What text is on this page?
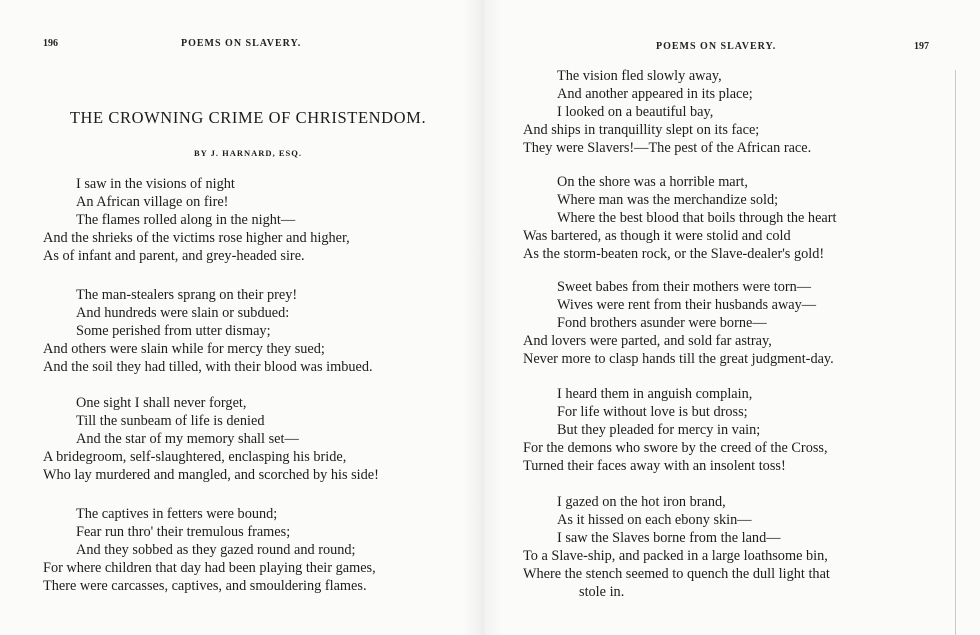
196	POEMS ON SLAVERY.
THE CROWNING CRIME OF CHRISTENDOM.
BY J. HARNARD, ESQ.
I saw in the visions of night
An African village on fire!
The flames rolled along in the night—
And the shrieks of the victims rose higher and higher,
As of infant and parent, and grey-headed sire.
The man-stealers sprang on their prey!
And hundreds were slain or subdued:
Some perished from utter dismay;
And others were slain while for mercy they sued;
And the soil they had tilled, with their blood was imbued.
One sight I shall never forget,
Till the sunbeam of life is denied
And the star of my memory shall set—
A bridegroom, self-slaughtered, enclasping his bride,
Who lay murdered and mangled, and scorched by his side!
The captives in fetters were bound;
Fear run thro' their tremulous frames;
And they sobbed as they gazed round and round;
For where children that day had been playing their games,
There were carcasses, captives, and smouldering flames.
POEMS ON SLAVERY.	197
The vision fled slowly away,
And another appeared in its place;
I looked on a beautiful bay,
And ships in tranquillity slept on its face;
They were Slavers!—The pest of the African race.
On the shore was a horrible mart,
Where man was the merchandize sold;
Where the best blood that boils through the heart
Was bartered, as though it were stolid and cold
As the storm-beaten rock, or the Slave-dealer's gold!
Sweet babes from their mothers were torn—
Wives were rent from their husbands away—
Fond brothers asunder were borne—
And lovers were parted, and sold far astray,
Never more to clasp hands till the great judgment-day.
I heard them in anguish complain,
For life without love is but dross;
But they pleaded for mercy in vain;
For the demons who swore by the creed of the Cross,
Turned their faces away with an insolent toss!
I gazed on the hot iron brand,
As it hissed on each ebony skin—
I saw the Slaves borne from the land—
To a Slave-ship, and packed in a large loathsome bin,
Where the stench seemed to quench the dull light that
stole in.
